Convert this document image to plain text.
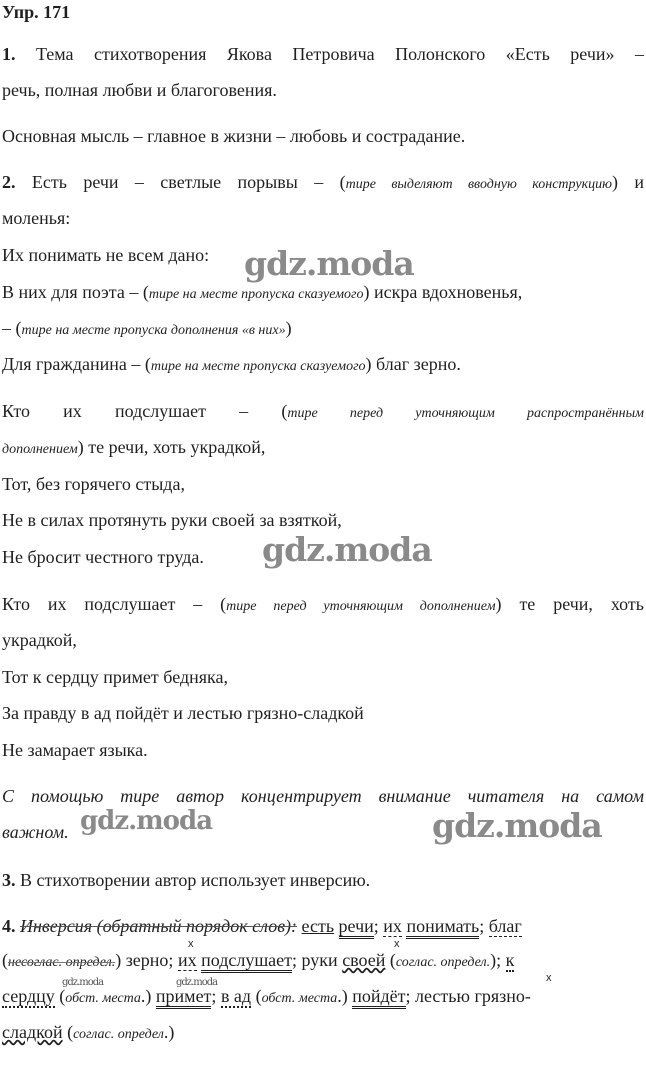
Упр. 171
1. Тема стихотворения Якова Петровича Полонского «Есть речи» –
речь, полная любви и благоговения.
Основная мысль – главное в жизни – любовь и сострадание.
2. Есть речи – светлые порывы – (тире выделяют вводную конструкцию) и
моленья:
Их понимать не всем дано:
В них для поэта – (тире на месте пропуска сказуемого) искра вдохновенья,
– (тире на месте пропуска дополнения «в них»)
Для гражданина – (тире на месте пропуска сказуемого) благ зерно.
Кто их подслушает – (тире перед уточняющим распространённым
дополнением) те речи, хоть украдкой,
Тот, без горячего стыда,
Не в силах протянуть руки своей за взяткой,
Не бросит честного труда.
Кто их подслушает – (тире перед уточняющим дополнением) те речи, хоть
украдкой,
Тот к сердцу примет бедняка,
За правду в ад пойдёт и лестью грязно-сладкой
Не замарает языка.
С помощью тире автор концентрирует внимание читателя на самом
важном.
3. В стихотворении автор использует инверсию.
4. Инверсия (обратный порядок слов): есть речи; их понимать; благ
x	x
(несоглас. определ.) зерно; их подслушает; руки своей (соглас. определ.); к
x
сердцу (обст. места.) примет; в ад (обст. места.) пойдёт; лестью грязно-
сладкой (соглас. определ.)
gdz.moda
gdz.moda
gdz.moda	gdz.moda
gdz.moda	gdz.moda
